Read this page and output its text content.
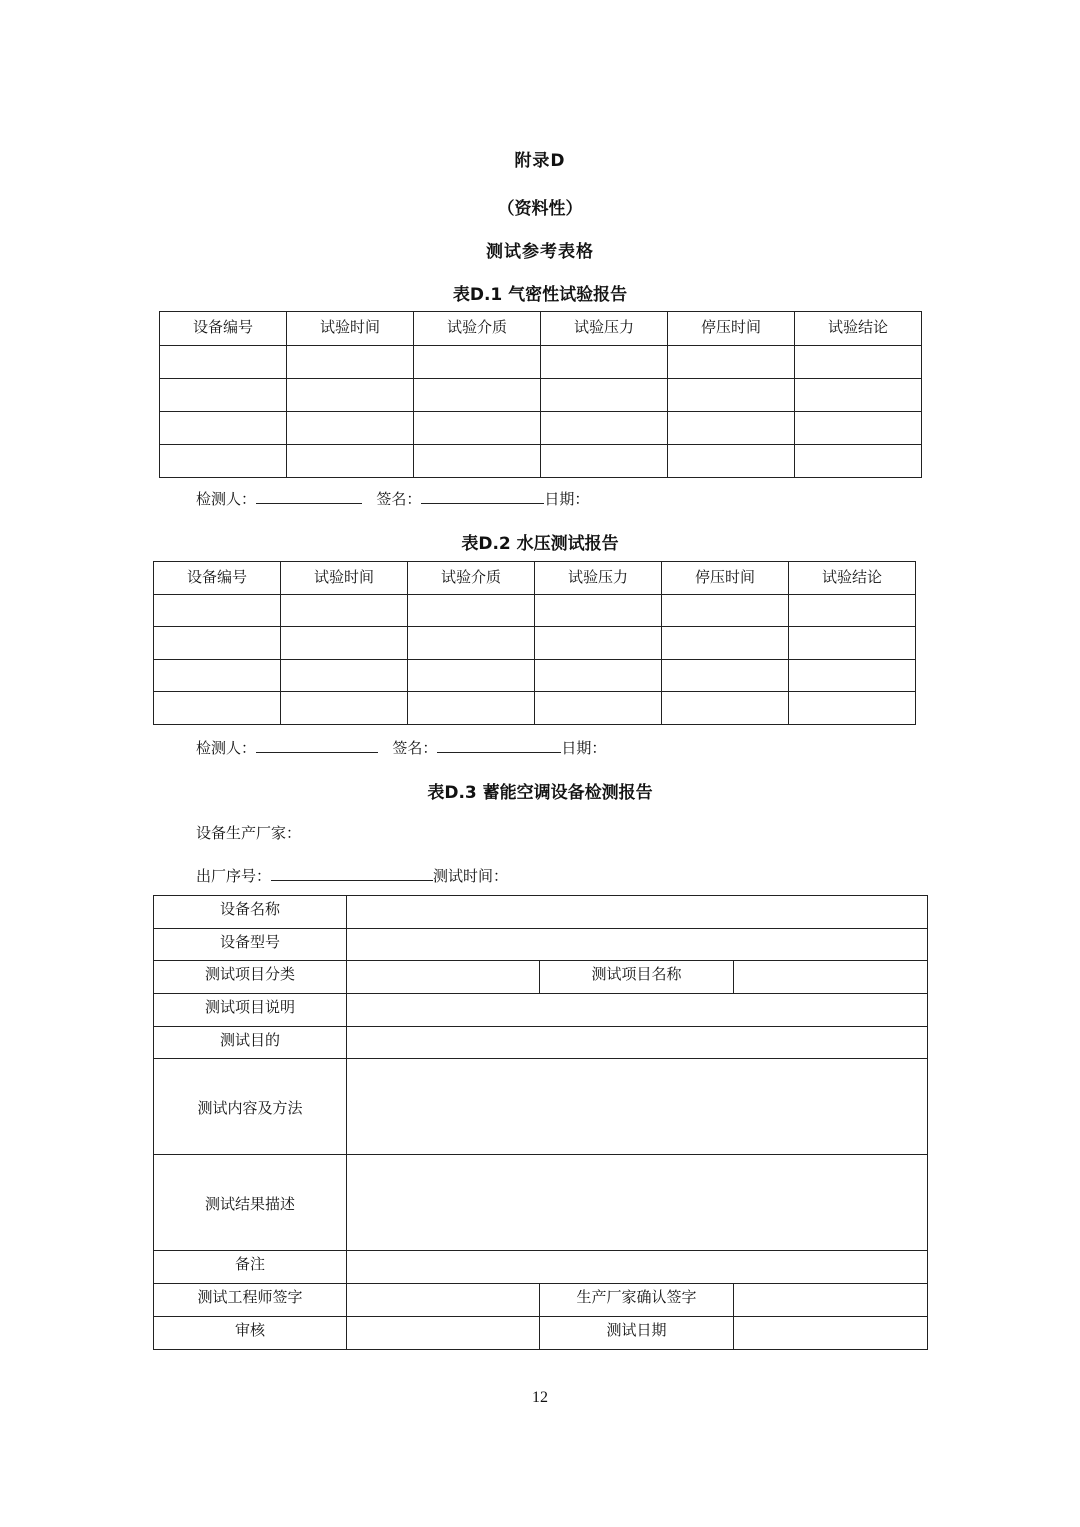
附录D
（资料性）
测试参考表格
表D.1 气密性试验报告
设备编号	试验时间	试验介质	试验压力	停压时间	试验结论

检测人：	签名：	日期：
表D.2 水压测试报告
设备编号	试验时间	试验介质	试验压力	停压时间	试验结论

检测人：	签名：	日期：
表D.3 蓄能空调设备检测报告
设备生产厂家：
出厂序号：	测试时间：
设备名称			
设备型号			
测试项目分类		测试项目名称	
测试项目说明			
测试目的			
测试内容及方法			
测试结果描述			
备注			
测试工程师签字		生产厂家确认签字	
审核		测试日期	
12
